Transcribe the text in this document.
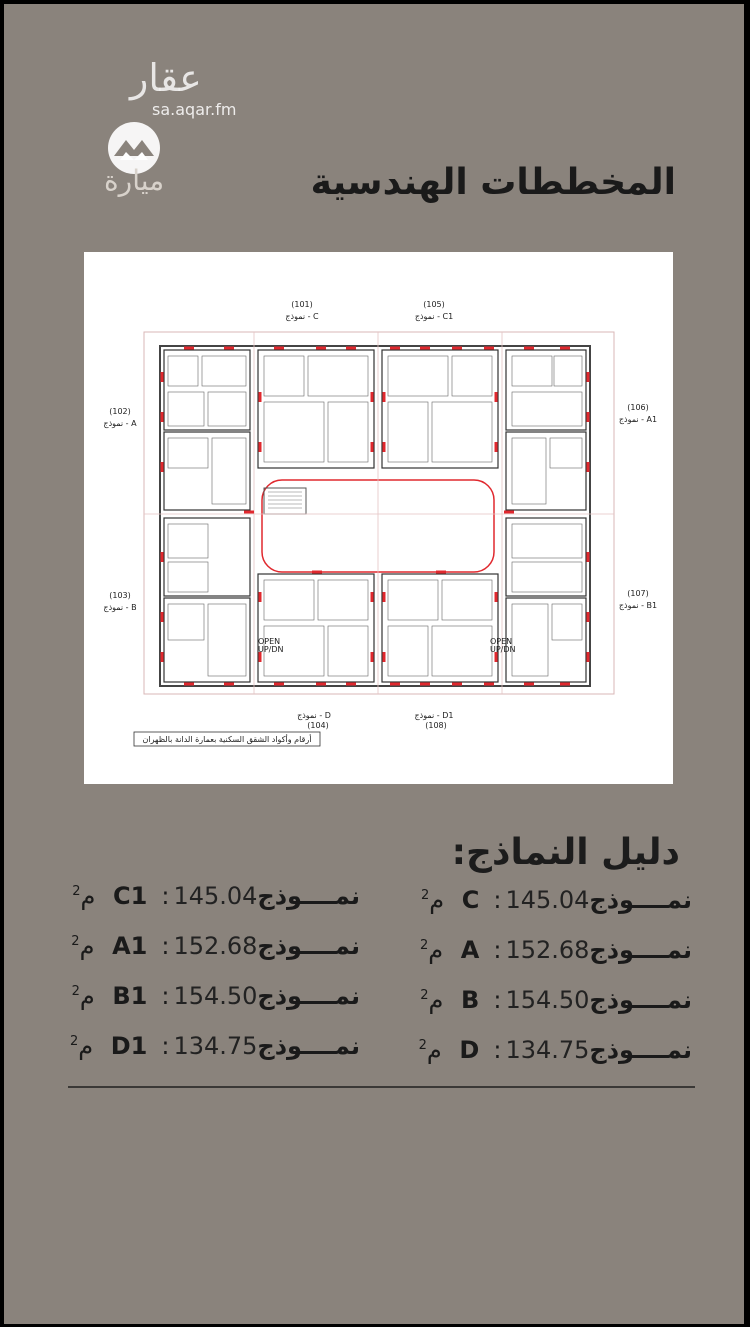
عقار
sa.aqar.fm
ميارة	المخططات الهندسية
(101)
نموذج - C
(105)
نموذج - C1
(102)
نموذج - A
(103)
نموذج - B
(106)
نموذج - A1
(107)
نموذج - B1
نموذج - D
(104)
نموذج - D1
(108)
OPEN
UP/DN
OPEN
UP/DN
أرقام وأكواد الشقق السكنية بعمارة الدانة بالظهران
دليل النماذج:
نمــــوذجC : 145.04 م$^2$
نمــــوذجA : 152.68 م$^2$
نمــــوذجB : 154.50 م$^2$
نمــــوذجD : 134.75 م$^2$
نمــــوذجC1 : 145.04 م$^2$
نمــــوذجA1 : 152.68 م$^2$
نمــــوذجB1 : 154.50 م$^2$
نمــــوذجD1 : 134.75 م$^2$
